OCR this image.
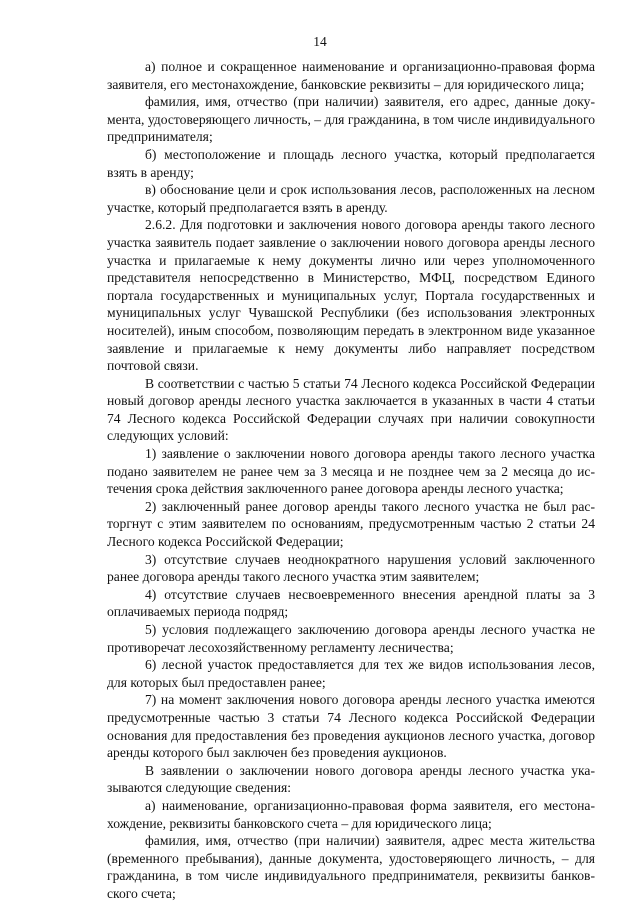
14

а) полное и сокращенное наименование и организационно-правовая форма заявителя, его местонахождение, банковские реквизиты – для юридического лица;

фамилия, имя, отчество (при наличии) заявителя, его адрес, данные документа, удостоверяющего личность, – для гражданина, в том числе индивидуального предпринимателя;

б) местоположение и площадь лесного участка, который предполагается взять в аренду;

в) обоснование цели и срок использования лесов, расположенных на лесном участке, который предполагается взять в аренду.

2.6.2. Для подготовки и заключения нового договора аренды такого лесного участка заявитель подает заявление о заключении нового договора аренды лесного участка и прилагаемые к нему документы лично или через уполномоченного представителя непосредственно в Министерство, МФЦ, посредством Единого портала государственных и муниципальных услуг, Портала государственных и муниципальных услуг Чувашской Республики (без использования электронных носителей), иным способом, позволяющим передать в электронном виде указанное заявление и прилагаемые к нему документы либо направляет посредством почтовой связи.

В соответствии с частью 5 статьи 74 Лесного кодекса Российской Федерации новый договор аренды лесного участка заключается в указанных в части 4 статьи 74 Лесного кодекса Российской Федерации случаях при наличии совокупности следующих условий:

1) заявление о заключении нового договора аренды такого лесного участка подано заявителем не ранее чем за 3 месяца и не позднее чем за 2 месяца до истечения срока действия заключенного ранее договора аренды лесного участка;

2) заключенный ранее договор аренды такого лесного участка не был расторгнут с этим заявителем по основаниям, предусмотренным частью 2 статьи 24 Лесного кодекса Российской Федерации;

3) отсутствие случаев неоднократного нарушения условий заключенного ранее договора аренды такого лесного участка этим заявителем;

4) отсутствие случаев несвоевременного внесения арендной платы за 3 оплачиваемых периода подряд;

5) условия подлежащего заключению договора аренды лесного участка не противоречат лесохозяйственному регламенту лесничества;

6) лесной участок предоставляется для тех же видов использования лесов, для которых был предоставлен ранее;

7) на момент заключения нового договора аренды лесного участка имеются предусмотренные частью 3 статьи 74 Лесного кодекса Российской Федерации основания для предоставления без проведения аукционов лесного участка, договор аренды которого был заключен без проведения аукционов.

В заявлении о заключении нового договора аренды лесного участка указываются следующие сведения:

а) наименование, организационно-правовая форма заявителя, его местонахождение, реквизиты банковского счета – для юридического лица;

фамилия, имя, отчество (при наличии) заявителя, адрес места жительства (временного пребывания), данные документа, удостоверяющего личность, – для гражданина, в том числе индивидуального предпринимателя, реквизиты банковского счета;
